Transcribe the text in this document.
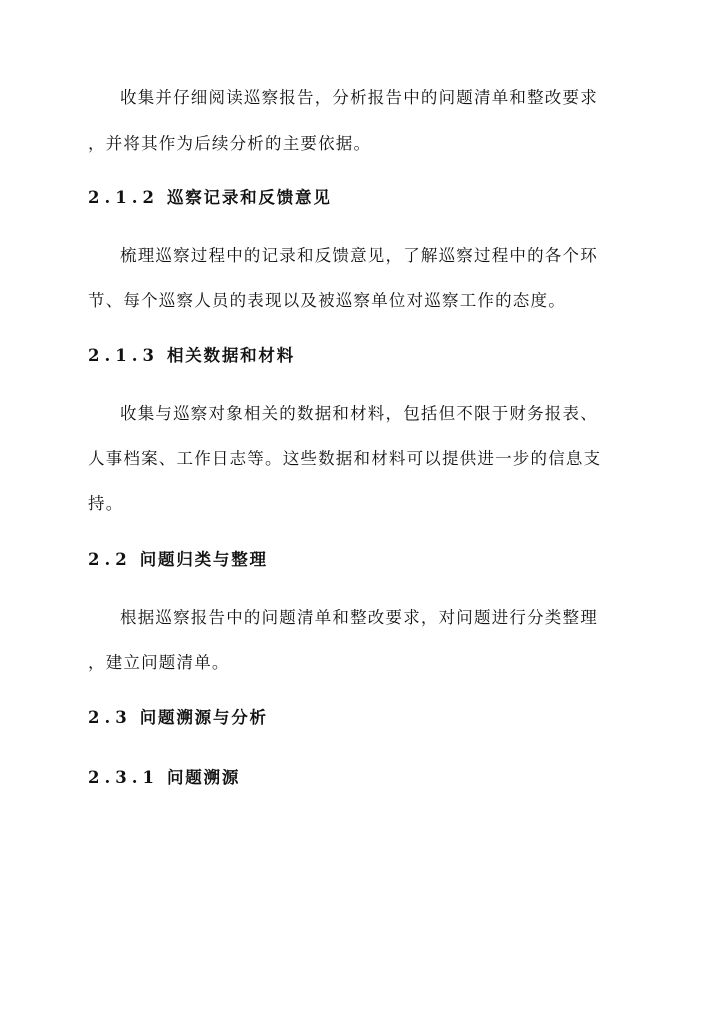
收集并仔细阅读巡察报告，分析报告中的问题清单和整改要求
，并将其作为后续分析的主要依据。
2.1.2 巡察记录和反馈意见
梳理巡察过程中的记录和反馈意见，了解巡察过程中的各个环
节、每个巡察人员的表现以及被巡察单位对巡察工作的态度。
2.1.3 相关数据和材料
收集与巡察对象相关的数据和材料，包括但不限于财务报表、
人事档案、工作日志等。这些数据和材料可以提供进一步的信息支
持。
2.2 问题归类与整理
根据巡察报告中的问题清单和整改要求，对问题进行分类整理
，建立问题清单。
2.3 问题溯源与分析
2.3.1 问题溯源
